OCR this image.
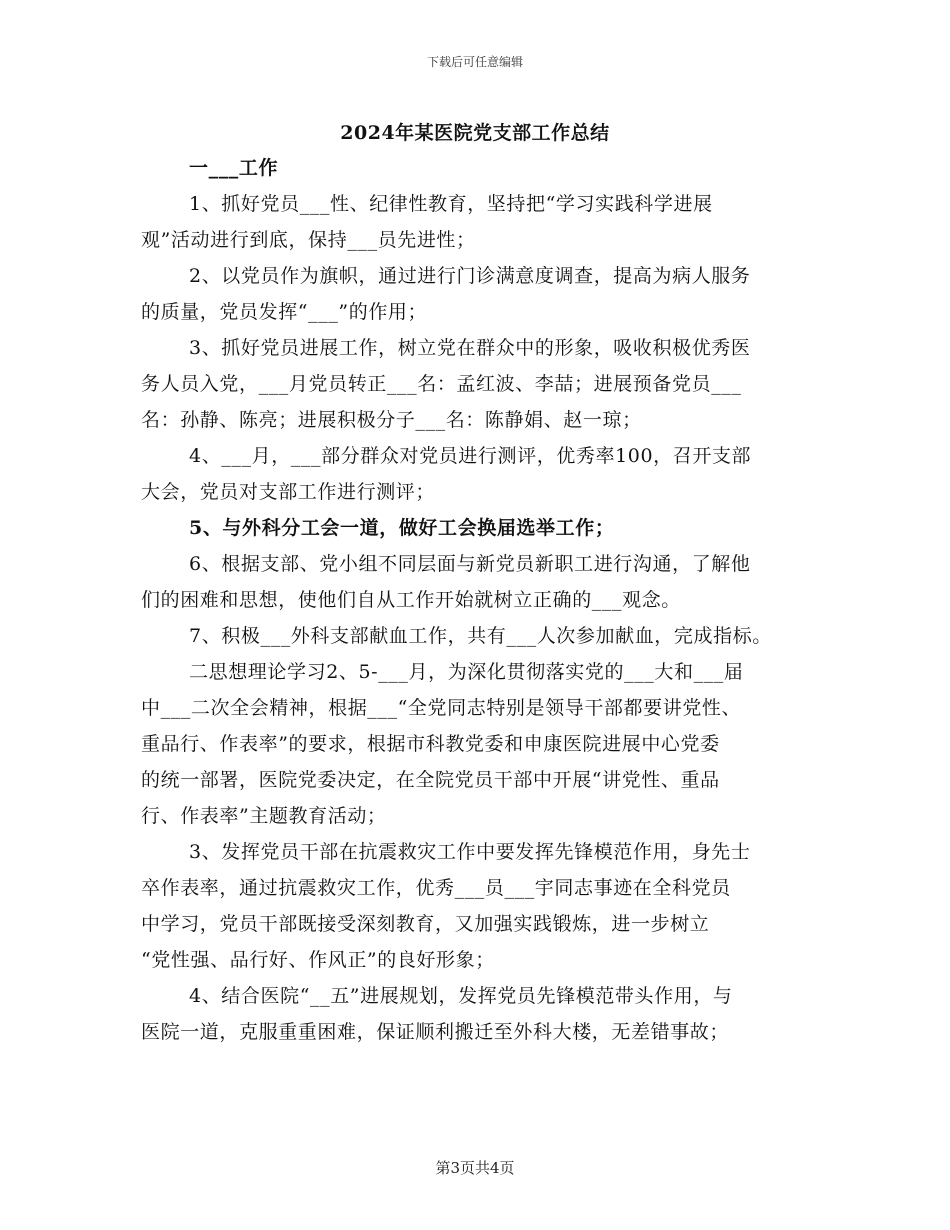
下载后可任意编辑
2024年某医院党支部工作总结
一___工作
1、抓好党员___性、纪律性教育，坚持把“学习实践科学进展
观”活动进行到底，保持___员先进性；
2、以党员作为旗帜，通过进行门诊满意度调查，提高为病人服务
的质量，党员发挥“___”的作用；
3、抓好党员进展工作，树立党在群众中的形象，吸收积极优秀医
务人员入党，___月党员转正___名：孟红波、李喆；进展预备党员___
名：孙静、陈亮；进展积极分子___名：陈静娟、赵一琼；
4、___月，___部分群众对党员进行测评，优秀率100，召开支部
大会，党员对支部工作进行测评；
5、与外科分工会一道，做好工会换届选举工作；
6、根据支部、党小组不同层面与新党员新职工进行沟通，了解他
们的困难和思想，使他们自从工作开始就树立正确的___观念。
7、积极___外科支部献血工作，共有___人次参加献血，完成指标。
二思想理论学习2、5-___月，为深化贯彻落实党的___大和___届
中___二次全会精神，根据___“全党同志特别是领导干部都要讲党性、
重品行、作表率”的要求，根据市科教党委和申康医院进展中心党委
的统一部署，医院党委决定，在全院党员干部中开展“讲党性、重品
行、作表率”主题教育活动；
3、发挥党员干部在抗震救灾工作中要发挥先锋模范作用，身先士
卒作表率，通过抗震救灾工作，优秀___员___宇同志事迹在全科党员
中学习，党员干部既接受深刻教育，又加强实践锻炼，进一步树立
“党性强、品行好、作风正”的良好形象；
4、结合医院“__五”进展规划，发挥党员先锋模范带头作用，与
医院一道，克服重重困难，保证顺利搬迁至外科大楼，无差错事故；
第3页共4页
